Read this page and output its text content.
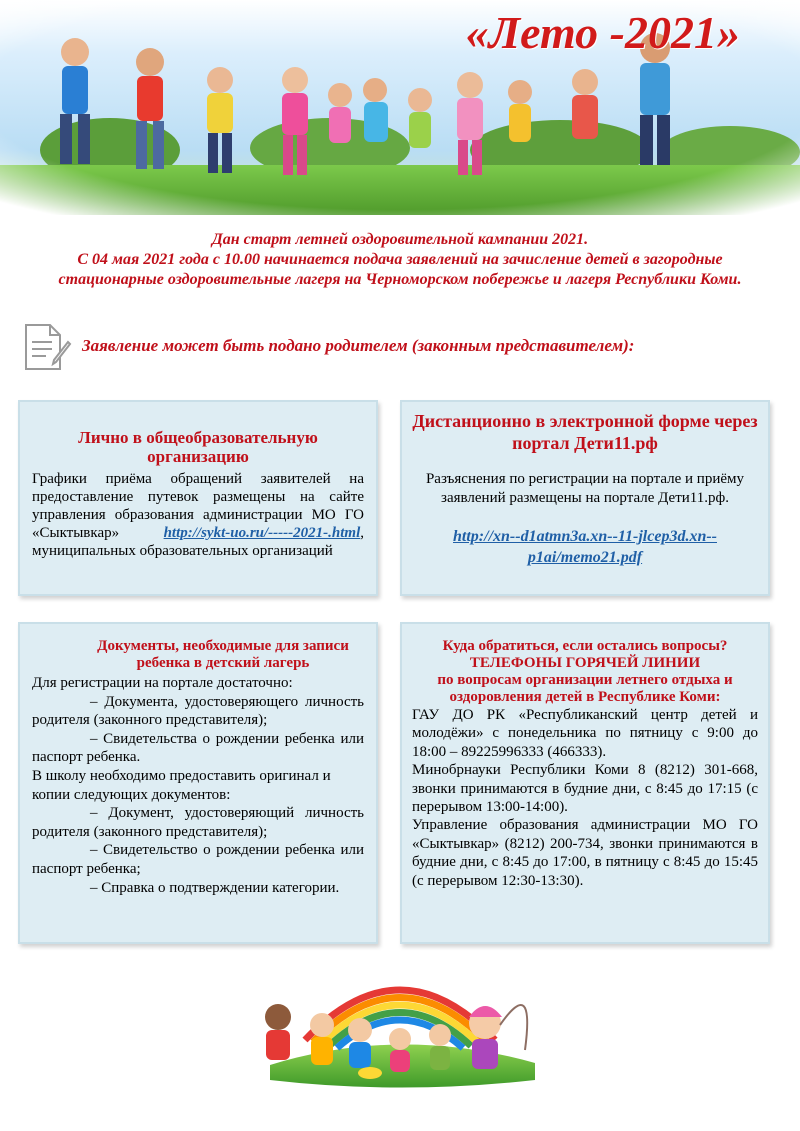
«Лето -2021»

Дан старт летней оздоровительной кампании 2021.

С 04 мая 2021 года с 10.00 начинается подача заявлений на зачисление детей в загородные стационарные оздоровительные лагеря на Черноморском побережье и лагеря Республики Коми.

Заявление может быть подано родителем (законным представителем):
Лично в общеобразовательную организацию
Графики приёма обращений заявителей на предоставление путевок размещены на сайте управления образования администрации МО ГО «Сыктывкар» http://sykt-uo.ru/-----2021-.html, муниципальных образовательных организаций
Дистанционно в электронной форме через портал Дети11.рф
Разъяснения по регистрации на портале и приёму заявлений размещены на портале Дети11.рф.
http://xn--d1atmn3a.xn--11-jlcep3d.xn--p1ai/memo21.pdf
Документы, необходимые для записи ребенка в детский лагерь

Для регистрации на портале достаточно:

– Документа, удостоверяющего личность родителя (законного представителя);

– Свидетельства о рождении ребенка или паспорт ребенка.

В школу необходимо предоставить оригинал и копии следующих документов:

– Документ, удостоверяющий личность родителя (законного представителя);

– Свидетельство о рождении ребенка или паспорт ребенка;

– Справка о подтверждении категории.

Куда обратиться, если остались вопросы?
ТЕЛЕФОНЫ ГОРЯЧЕЙ ЛИНИИ
по вопросам организации летнего отдыха и оздоровления детей в Республике Коми:

ГАУ ДО РК «Республиканский центр детей и молодёжи» с понедельника по пятницу с 9:00 до 18:00 – 89225996333 (466333).

Минобрнауки Республики Коми 8 (8212) 301-668, звонки принимаются в будние дни, с 8:45 до 17:15 (с перерывом 13:00-14:00).

Управление образования администрации МО ГО «Сыктывкар» (8212) 200-734, звонки принимаются в будние дни, с 8:45 до 17:00, в пятницу с 8:45 до 15:45 (с перерывом 12:30-13:30).
